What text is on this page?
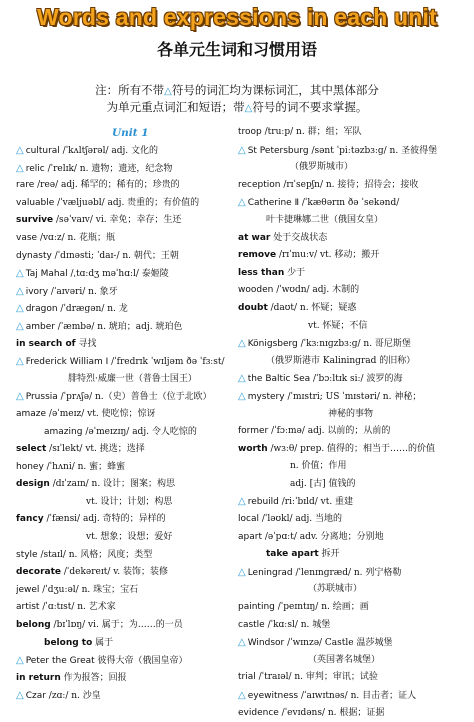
Words and expressions in each unit
各单元生词和习惯用语
注：所有不带△符号的词汇均为课标词汇，其中黑体部分
为单元重点词汇和短语；带△符号的词不要求掌握。
Unit 1
△ cultural /ˈkʌltʃərəl/ adj. 文化的
△ relic /ˈrelɪk/ n. 遗物；遗迹，纪念物
rare /reə/ adj. 稀罕的；稀有的；珍贵的
valuable /ˈvæljuəbl/ adj. 贵重的；有价值的
survive /səˈvaɪv/ vi. 幸免；幸存；生还
vase /vɑːz/ n. 花瓶；瓶
dynasty /ˈdɪnəsti; ˈdaɪ-/ n. 朝代；王朝
△ Taj Mahal /ˌtɑːdʒ məˈhɑːl/ 泰姬陵
△ ivory /ˈaɪvəri/ n. 象牙
△ dragon /ˈdrægən/ n. 龙
△ amber /ˈæmbə/ n. 琥珀；adj. 琥珀色
in search of 寻找
△ Frederick William Ⅰ /ˈfredrɪk ˈwɪljəm ðə ˈfɜːst/
腓特烈·威廉一世（普鲁士国王）
△ Prussia /ˈprʌʃə/ n.（史）普鲁士（位于北欧）
amaze /əˈmeɪz/ vt. 使吃惊；惊讶
amazing /əˈmeɪzɪŋ/ adj. 令人吃惊的
select /sɪˈlekt/ vt. 挑选；选择
honey /ˈhʌni/ n. 蜜；蜂蜜
design /dɪˈzaɪn/ n. 设计；图案；构思
vt. 设计；计划；构思
fancy /ˈfænsi/ adj. 奇特的；异样的
vt. 想象；设想；爱好
style /staɪl/ n. 风格；风度；类型
decorate /ˈdekəreɪt/ v. 装饰；装修
jewel /ˈdʒuːəl/ n. 珠宝；宝石
artist /ˈɑːtɪst/ n. 艺术家
belong /bɪˈlɒŋ/ vi. 属于；为……的一员
belong to 属于
△ Peter the Great 彼得大帝（俄国皇帝）
in return 作为报答；回报
△ Czar /zɑː/ n. 沙皇
troop /truːp/ n. 群；组；军队
△ St Petersburg /sənt ˈpiːtəzbɜːg/ n. 圣彼得堡
（俄罗斯城市）
reception /rɪˈsepʃn/ n. 接待；招待会；接收
△ Catherine Ⅱ /ˈkæθərɪn ðə ˈsekənd/
叶卡捷琳娜二世（俄国女皇）
at war 处于交战状态
remove /rɪˈmuːv/ vt. 移动；搬开
less than 少于
wooden /ˈwʊdn/ adj. 木制的
doubt /daʊt/ n. 怀疑；疑惑
vt. 怀疑；不信
△ Königsberg /ˈkɜːnɪɡzbɜːɡ/ n. 哥尼斯堡
（俄罗斯港市 Kaliningrad 的旧称）
△ the Baltic Sea /ˈbɔːltɪk siː/ 波罗的海
△ mystery /ˈmɪstri; US ˈmɪstəri/ n. 神秘；
神秘的事物
former /ˈfɔːmə/ adj. 以前的；从前的
worth /wɜːθ/ prep. 值得的；相当于……的价值
n. 价值；作用
adj. [古] 值钱的
△ rebuild /riːˈbɪld/ vt. 重建
local /ˈləʊkl/ adj. 当地的
apart /əˈpɑːt/ adv. 分离地；分别地
take apart 拆开
△ Leningrad /ˈlenɪngræd/ n. 列宁格勒
（苏联城市）
painting /ˈpeɪntɪŋ/ n. 绘画；画
castle /ˈkɑːsl/ n. 城堡
△ Windsor /ˈwɪnzə/ Castle 温莎城堡
（英国著名城堡）
trial /ˈtraɪəl/ n. 审判；审讯；试验
△ eyewitness /ˈaɪwɪtnəs/ n. 目击者；证人
evidence /ˈevɪdəns/ n. 根据；证据
